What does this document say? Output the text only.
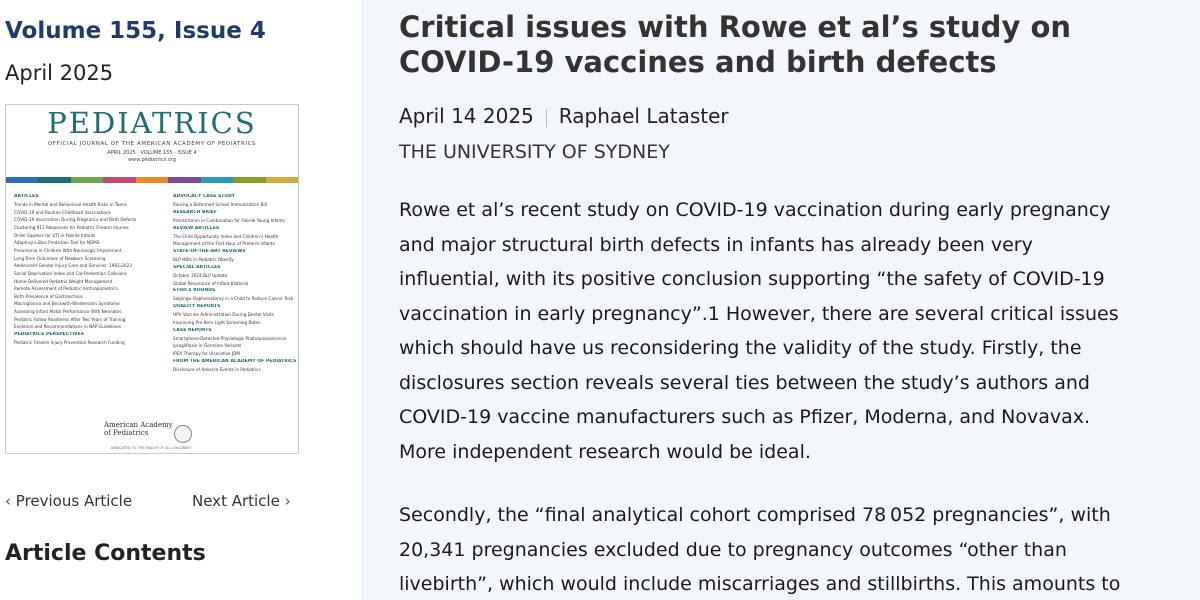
Volume 155, Issue 4
April 2025
PEDIATRICS
OFFICIAL JOURNAL OF THE AMERICAN ACADEMY OF PEDIATRICS
APRIL 2025 · VOLUME 155 · ISSUE 4
www.pediatrics.org
ARTICLES
Trends in Mental and Behavioral Health Risks in Teens
COVID-19 and Routine Childhood Vaccinations
COVID-19 Vaccination During Pregnancy and Birth Defects
Clustering 911 Responses for Pediatric Firearm Injuries
Order Equities for UTI in Febrile Infants
Adapting a Bias Prediction Tool for NDMS
Pneumonia in Children With Neurologic Impairment
Long-Term Outcomes of Newborn Screening
Adolescent Gender Injury Care and Services: 1992-2023
Social Deprivation Index and Car-Pedestrian Collisions
Home-Delivered Pediatric Weight Management
Remote Assessment of Pediatric Anthropometrics
Birth Prevalence of Gastroschisis
Macroglossia and Beckwith-Wiedemann Syndrome
Assessing Infant Motor Performance With Neonates
Pediatric Follow Readiness After Two Years of Training
Evidence and Recommendations in NAP Guidelines
PEDIATRICS PERSPECTIVES
Pediatric Firearm Injury Prevention Research Funding
ADVOCACY CASE STUDY
Raising a Bottomed School Immunization Bill
RESEARCH BRIEF
Procalcitonin in Combination for Febrile Young Infants
REVIEW ARTICLES
The Child Opportunity Index and Children's Health
Management of the First Hour of Preterm Infants
STATE-OF-THE-ART REVIEWS
BLP HBts in Pediatric Obesity
SPECIAL ARTICLES
October 2024 BLP Update
Global Resonance of Infant Bilateral
ETHICS ROUNDS
Salpingo-Oophorectomy in a Child to Reduce Cancer Risk
QUALITY REPORTS
HPV Vaccine Administration During Dental Visits
Improving Pre-Item Light Screening Rates
CASE REPORTS
Smartphone-Detected Physiologic Photoluminescence
Ipragliflozin in Germline Variants
IPEX Therapy for Ulcerative JDM
FROM THE AMERICAN ACADEMY OF PEDIATRICS
Disclosure of Adverse Events in Pediatrics
American Academy
of Pediatrics
DEDICATED TO THE HEALTH OF ALL CHILDREN™
‹ Previous Article	Next Article ›
Article Contents
Critical issues with Rowe et al’s study on COVID-19 vaccines and birth defects
April 14 2025 Raphael Lataster
THE UNIVERSITY OF SYDNEY

Rowe et al’s recent study on COVID-19 vaccination during early pregnancy
and major structural birth defects in infants has already been very
influential, with its positive conclusion supporting “the safety of COVID-19
vaccination in early pregnancy”.1 However, there are several critical issues
which should have us reconsidering the validity of the study. Firstly, the
disclosures section reveals several ties between the study’s authors and
COVID-19 vaccine manufacturers such as Pfizer, Moderna, and Novavax.
More independent research would be ideal.

Secondly, the “final analytical cohort comprised 78 052 pregnancies”, with
20,341 pregnancies excluded due to pregnancy outcomes “other than
livebirth”, which would include miscarriages and stillbirths. This amounts to
